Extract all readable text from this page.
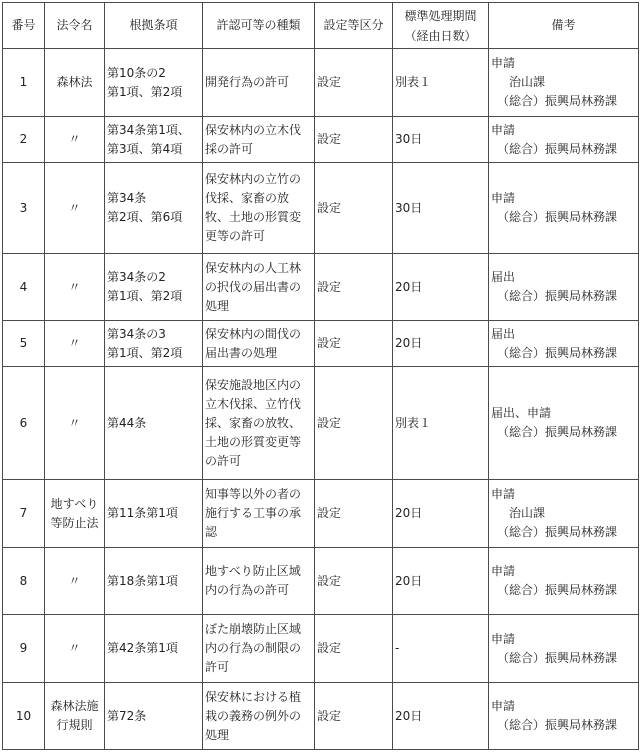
番号	法令名	根拠条項	許認可等の種類	設定等区分	標準処理期間
（経由日数）	備考
1	森林法	第10条の2
第1項、第2項	開発行為の許可	設定	別表１	申請
　治山課
（総合）振興局林務課

2	〃	第34条第1項、
第3項、第4項	保安林内の立木伐
採の許可	設定	30日	申請
（総合）振興局林務課

3	〃	第34条
第2項、第6項	保安林内の立竹の
伐採、家畜の放
牧、土地の形質変
更等の許可	設定	30日	申請
（総合）振興局林務課

4	〃	第34条の2
第1項、第2項	保安林内の人工林
の択伐の届出書の
処理	設定	20日	届出
（総合）振興局林務課

5	〃	第34条の3
第1項、第2項	保安林内の間伐の
届出書の処理	設定	20日	届出
（総合）振興局林務課

6	〃	第44条	保安施設地区内の
立木伐採、立竹伐
採、家畜の放牧、
土地の形質変更等
の許可	設定	別表１	届出、申請
（総合）振興局林務課

7	地すべり
等防止法	第11条第1項	知事等以外の者の
施行する工事の承
認	設定	20日	申請
　治山課
（総合）振興局林務課

8	〃	第18条第1項	地すべり防止区域
内の行為の許可	設定	20日	申請
（総合）振興局林務課

9	〃	第42条第1項	ぼた崩壊防止区域
内の行為の制限の
許可	設定	-	申請
（総合）振興局林務課

10	森林法施
行規則	第72条	保安林における植
栽の義務の例外の
処理	設定	20日	申請
（総合）振興局林務課
